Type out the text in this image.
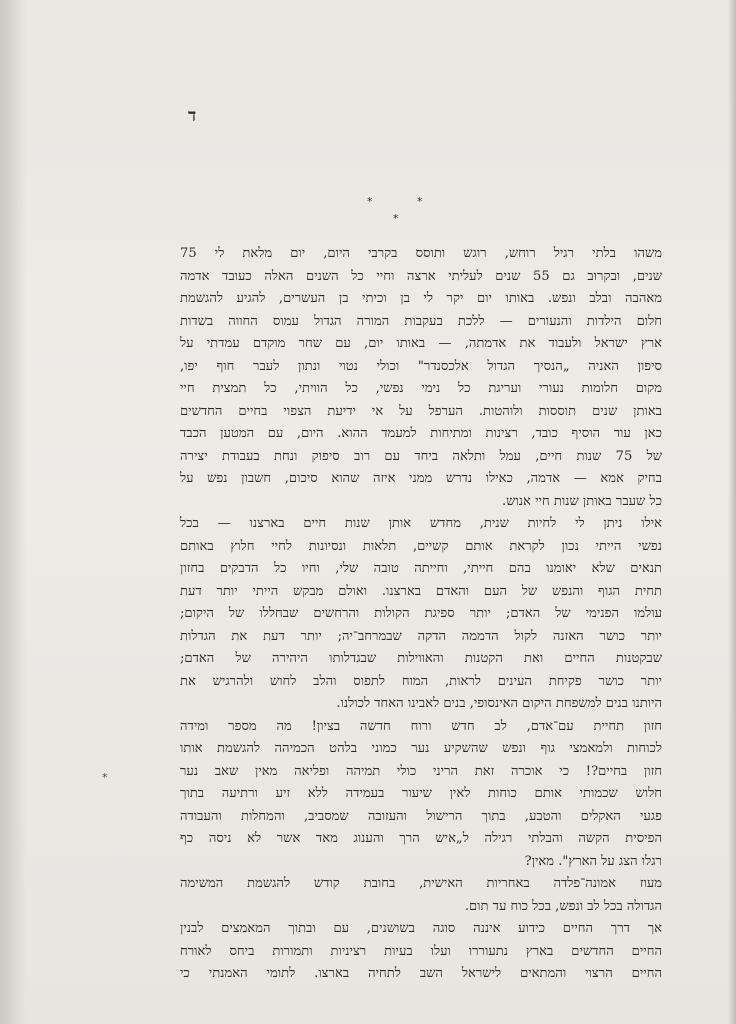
ד
*	*
*
*
משהו בלתי רגיל רוחש, רוגש ותוסס בקרבי היום, יום מלאת לי 75
שנים, ובקרוב גם 55 שנים לעליתי ארצה וחיי כל השנים האלה כעובד אדמה
מאהבה ובלב ונפש. באותו יום יקר לי בן וכיתי בן העשרים, להגיע להגשמת
חלום הילדות והנעורים — ללכת בעקבות המורה הגדול עמוס החווה בשדות
ארץ ישראל ולעבוד את אדמתה, — באותו יום, עם שחר מוקדם עמדתי על
סיפון האניה „הנסיך הגדול אלכסנדר" וכולי נטוי ונתון לעבר חוף יפו,
מקום חלומות נעורי ועריגת כל נימי נפשי, כל הוויתי, כל תמצית חיי
באותן שנים תוססות ולוהטות. הערפל על אי ידיעת הצפוי בחיים החדשים
כאן עוד הוסיף כובד, רצינות ומתיחות למעמד ההוא. היום, עם המטען הכבד
של 75 שנות חיים, עמל ותלאה ביחד עם רוב סיפוק ונחת בעבודת יצירה
בחיק אמא — אדמה, כאילו נדרש ממני איזה שהוא סיכום, חשבון נפש על
כל שעבר באותן שנות חיי אנוש.
אילו ניתן לי לחיות שנית, מחדש אותן שנות חיים בארצנו — בכל
נפשי הייתי נכון לקראת אותם קשיים, תלאות ונסיונות לחיי חלוץ באותם
תנאים שלא יאומנו בהם חייתי, וחייתה טובה שלי, וחיו כל הדבקים בחזון
תחית הגוף והנפש של העם והאדם בארצנו. ואולם מבקש הייתי יותר דעת
עולמו הפנימי של האדם; יותר ספיגת הקולות והרחשים שבחללו של היקום;
יותר כושר האזנה לקול הדממה הדקה שבמרחב־יה; יותר דעת את הגדלות
שבקטנות החיים ואת הקטנות והאווילות שבגדלותו היהירה של האדם;
יותר כושר פקיחת העינים לראות, המוח לתפוס והלב לחוש ולהרגיש את
היותנו בנים למשפחת היקום האינסופי, בנים לאבינו האחד לכולנו.
חזון תחיית עם־אדם, לב חדש ורוח חדשה בציון! מה מספר ומידה
לכוחות ולמאמצי גוף ונפש שהשקיע נער כמוני בלהט הכמיהה להגשמת אותו
חזון בחיים?! כי אוכרה זאת הריני כולי תמיהה ופליאה מאין שאב נער
חלוש שכמותי אותם כוחות לאין שיעור בעמידה ללא זיע ורתיעה בתוך
פגעי האקלים והטבע, בתוך הרישול והעזובה שמסביב, והמחלות והעבודה
הפיסית הקשה והבלתי רגילה ל„איש הרך והענוג מאד אשר לא ניסה כף
רגלו הצג על הארץ". מאין?
מעוז אמונה־פלדה באחריות האישית, בחובת קודש להגשמת המשימה
הגדולה בכל לב ונפש, בכל כוח עד תום.
אך דרך החיים כידוע איננה סוגה בשושנים, עם ובתוך המאמצים לבנין
החיים החדשים בארץ נתעוררו ועלו בעיות רציניות ותמורות ביחס לאורח
החיים הרצוי והמתאים לישראל השב לתחיה בארצו. לתומי האמנתי כי
